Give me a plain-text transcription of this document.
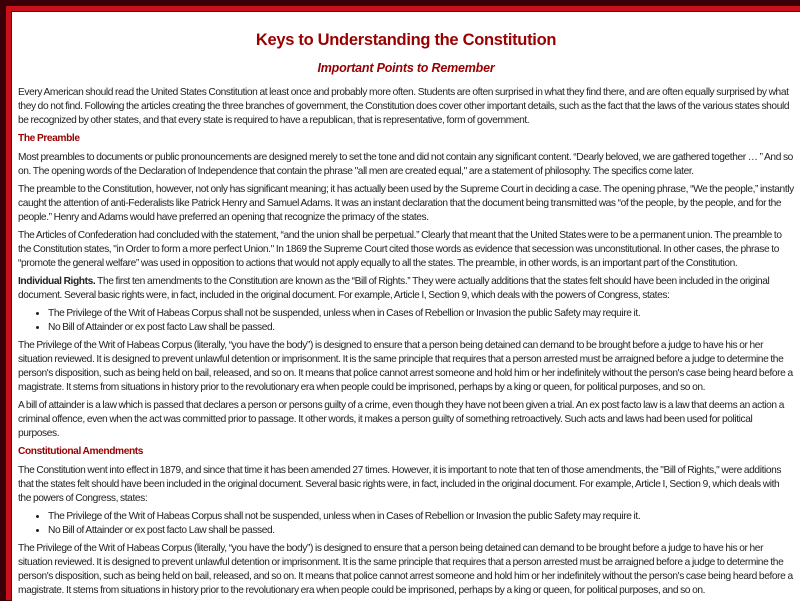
Keys to Understanding the Constitution
Important Points to Remember

Every American should read the United States Constitution at least once and probably more often. Students are often surprised in what they find there, and are often equally surprised by what they do not find. Following the articles creating the three branches of government, the Constitution does cover other important details, such as the fact that the laws of the various states should be recognized by other states, and that every state is required to have a republican, that is representative, form of government.

The Preamble

Most preambles to documents or public pronouncements are designed merely to set the tone and did not contain any significant content. “Dearly beloved, we are gathered together … ” And so on. The opening words of the Declaration of Independence that contain the phrase "all men are created equal," are a statement of philosophy. The specifics come later.

The preamble to the Constitution, however, not only has significant meaning; it has actually been used by the Supreme Court in deciding a case. The opening phrase, “We the people,” instantly caught the attention of anti-Federalists like Patrick Henry and Samuel Adams. It was an instant declaration that the document being transmitted was “of the people, by the people, and for the people.” Henry and Adams would have preferred an opening that recognize the primacy of the states.

The Articles of Confederation had concluded with the statement, “and the union shall be perpetual.” Clearly that meant that the United States were to be a permanent union. The preamble to the Constitution states, "in Order to form a more perfect Union." In 1869 the Supreme Court cited those words as evidence that secession was unconstitutional. In other cases, the phrase to “promote the general welfare” was used in opposition to actions that would not apply equally to all the states. The preamble, in other words, is an important part of the Constitution.

Individual Rights. The first ten amendments to the Constitution are known as the “Bill of Rights.” They were actually additions that the states felt should have been included in the original document. Several basic rights were, in fact, included in the original document. For example, Article I, Section 9, which deals with the powers of Congress, states:

• The Privilege of the Writ of Habeas Corpus shall not be suspended, unless when in Cases of Rebellion or Invasion the public Safety may require it.
• No Bill of Attainder or ex post facto Law shall be passed.

The Privilege of the Writ of Habeas Corpus (literally, “you have the body”) is designed to ensure that a person being detained can demand to be brought before a judge to have his or her situation reviewed. It is designed to prevent unlawful detention or imprisonment. It is the same principle that requires that a person arrested must be arraigned before a judge to determine the person's disposition, such as being held on bail, released, and so on. It means that police cannot arrest someone and hold him or her indefinitely without the person's case being heard before a magistrate. It stems from situations in history prior to the revolutionary era when people could be imprisoned, perhaps by a king or queen, for political purposes, and so on.

A bill of attainder is a law which is passed that declares a person or persons guilty of a crime, even though they have not been given a trial. An ex post facto law is a law that deems an action a criminal offence, even when the act was committed prior to passage. It other words, it makes a person guilty of something retroactively. Such acts and laws had been used for political purposes.

Constitutional Amendments

The Constitution went into effect in 1879, and since that time it has been amended 27 times. However, it is important to note that ten of those amendments, the "Bill of Rights," were additions that the states felt should have been included in the original document. Several basic rights were, in fact, included in the original document. For example, Article I, Section 9, which deals with the powers of Congress, states:

• The Privilege of the Writ of Habeas Corpus shall not be suspended, unless when in Cases of Rebellion or Invasion the public Safety may require it.
• No Bill of Attainder or ex post facto Law shall be passed.

The Privilege of the Writ of Habeas Corpus (literally, “you have the body”) is designed to ensure that a person being detained can demand to be brought before a judge to have his or her situation reviewed. It is designed to prevent unlawful detention or imprisonment. It is the same principle that requires that a person arrested must be arraigned before a judge to determine the person's disposition, such as being held on bail, released, and so on. It means that police cannot arrest someone and hold him or her indefinitely without the person's case being heard before a magistrate. It stems from situations in history prior to the revolutionary era when people could be imprisoned, perhaps by a king or queen, for political purposes, and so on.
